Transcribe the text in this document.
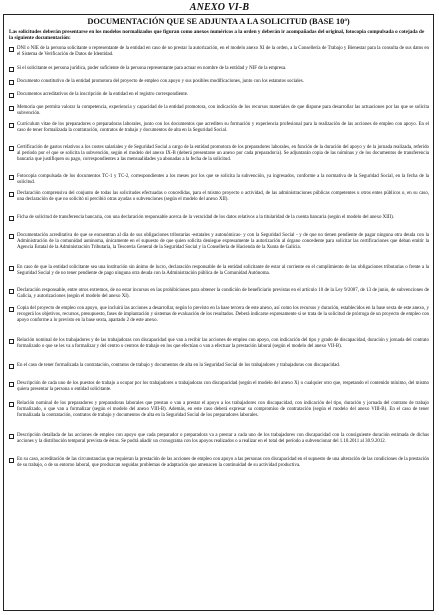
ANEXO VI-B
DOCUMENTACIÓN QUE SE ADJUNTA A LA SOLICITUD (BASE 10ª)
Las solicitudes deberán presentarse en los modelos normalizados que figuran como anexos numéricos a la orden y deberán ir acompañadas del original, fotocopia compulsada o cotejada de la siguiente documentación:
DNI o NIE de la persona solicitante o representante de la entidad en caso de no prestar la autorización, en el modelo anexo XI de la orden, a la Consellería de Trabajo y Bienestar para la consulta de sus datos en el Sistema de Verificación de Datos de Identidad.
Si el solicitante es persona jurídica, poder suficiente de la persona representante para actuar en nombre de la entidad y NIF de la empresa.
Documento constitutivo de la entidad promotora del proyecto de empleo con apoyo y sus posibles modificaciones, junto con los estatutos sociales.
Documentos acreditativos de la inscripción de la entidad en el registro correspondiente.
Memoria que permita valorar la competencia, experiencia y capacidad de la entidad promotora, con indicación de los recursos materiales de que dispone para desarrollar las actuaciones por las que se solicita subvención.
Currículum vitae de los preparadores o preparadoras laborales, junto con los documentos que acrediten su formación y experiencia profesional para la realización de las acciones de empleo con apoyo. En el caso de tener formalizada la contratación, contratos de trabajo y documentos de alta en la Seguridad Social.
Certificación de gastos relativos a los costes salariales y de Seguridad Social a cargo de la entidad promotora de los preparadores laborales, en función de la duración del apoyo y de la jornada realizada, referido al período por el que se solicita la subvención, según el modelo del anexo IX-B (deberá presentarse un anexo por cada preparador/a). Se adjuntarán copia de las nóminas y de los documentos de transferencia bancaria que justifiquen su pago, correspondientes a las mensualidades ya abonadas a la fecha de la solicitud.
Fotocopia compulsada de los documentos TC-1 y TC-2, correspondientes a los meses por los que se solicita la subvención, ya ingresados, conforme a la normativa de la Seguridad Social, en la fecha de la solicitud.
Declaración comprensiva del conjunto de todas las solicitudes efectuadas o concedidas, para el mismo proyecto o actividad, de las administraciones públicas competentes u otros entes públicos o, en su caso, una declaración de que no solicitó ni percibió otras ayudas o subvenciones (según el modelo del anexo XII).
Ficha de solicitud de transferencia bancaria, con una declaración responsable acerca de la veracidad de los datos relativos a la titularidad de la cuenta bancaria (según el modelo del anexo XIII).
Documentación acreditativa de que se encuentran al día de sus obligaciones tributarias -estatales y autonómicas- y con la Seguridad Social - y de que no tienen pendiente de pagar ninguna otra deuda con la Administración de la comunidad autónoma, únicamente en el supuesto de que quien solicita deniegue expresamente la autorización al órgano concedente para solicitar las certificaciones que deban emitir la Agencia Estatal de la Administración Tributaria, la Tesorería General de la Seguridad Social y la Consellería de Hacienda de la Xunta de Galicia.
En caso de que la entidad solicitante sea una institución sin ánimo de lucro, declaración responsable de la entidad solicitante de estar al corriente en el cumplimiento de las obligaciones tributarias o frente a la Seguridad Social y de no tener pendiente de pago ninguna otra deuda con la Administración pública de la Comunidad Autónoma.
Declaración responsable, entre otros extremos, de no estar incursos en las prohibiciones para obtener la condición de beneficiario previstas en el artículo 10 de la Ley 9/2007, de 13 de junio, de subvenciones de Galicia, y autorizaciones (según el modelo del anexo XI).
Copia del proyecto de empleo con apoyo, que incluirá las acciones a desarrollar, según lo previsto en la base tercera de este anexo, así como los recursos y duración, establecidos en la base sexta de este anexo, y recogerá los objetivos, recursos, presupuesto, fases de implantación y sistemas de evaluación de los resultados. Deberá indicarse expresamente si se trata de la solicitud de prórroga de un proyecto de empleo con apoyo conforme a lo previsto en la base sexta, apartado 2 de este anexo.
Relación nominal de los trabajadores y de las trabajadoras con discapacidad que van a recibir las acciones de empleo con apoyo, con indicación del tipo y grado de discapacidad, duración y jornada del contrato formalizado o que se les va a formalizar y del centro o centros de trabajo en los que efectúan o van a efectuar la prestación laboral (según el modelo del anexo VII-B).
En el caso de tener formalizada la contratación, contratos de trabajo y documentos de alta en la Seguridad Social de los trabajadores y trabajadoras con discapacidad.
Descripción de cada uno de los puestos de trabajo a ocupar por los trabajadores o trabajadoras con discapacidad (según el modelo del anexo X) o cualquier otro que, respetando el contenido mínimo, del mismo quiera presentar la persona o entidad solicitante.
Relación nominal de los preparadores y preparadoras laborales que prestan o van a prestar el apoyo a los trabajadores con discapacidad, con indicación del tipo, duración y jornada del contrato de trabajo formalizado, o que van a formalizar (según el modelo del anexo VIII-B). Además, en este caso deberá expresar su compromiso de contratación (según el modelo del anexo VIII-B). En el caso de tener formalizada la contratación, contratos de trabajo y documentos de alta en la Seguridad Social de los preparadores laborales.
Descripción detallada de las acciones de empleo con apoyo que cada preparador o preparadora va a prestar a cada uno de los trabajadores con discapacidad con la consiguiente duración estimada de dichas acciones y la distribución temporal prevista de éstas. Se podrá añadir un cronograma con los apoyos realizados o a realizar en el total del período a subvencionar del 1.10.2011 al 30.9.2012.
En su caso, acreditación de las circunstancias que requieran la prestación de las acciones de empleo con apoyo a las personas con discapacidad en el supuesto de una alteración de las condiciones de la prestación de su trabajo, o de su entorno laboral, que produzcan seguidas problemas de adaptación que amenacen la continuidad de su actividad productiva.
